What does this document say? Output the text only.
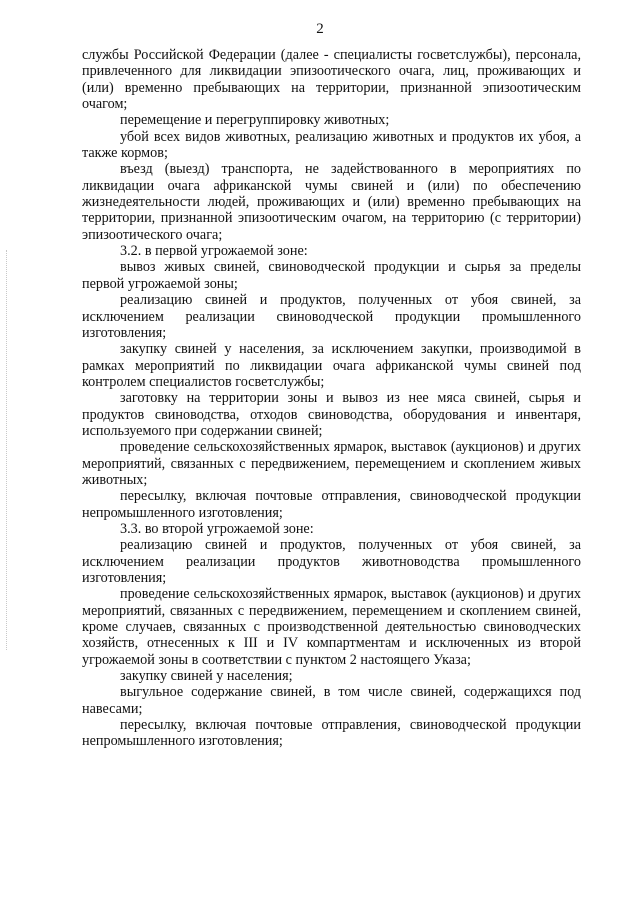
2

службы Российской Федерации (далее - специалисты госветслужбы), персонала, привлеченного для ликвидации эпизоотического очага, лиц, проживающих и (или) временно пребывающих на территории, признанной эпизоотическим очагом;

перемещение и перегруппировку животных;

убой всех видов животных, реализацию животных и продуктов их убоя, а также кормов;

въезд (выезд) транспорта, не задействованного в мероприятиях по ликвидации очага африканской чумы свиней и (или) по обеспечению жизнедеятельности людей, проживающих и (или) временно пребывающих на территории, признанной эпизоотическим очагом, на территорию (с территории) эпизоотического очага;

3.2. в первой угрожаемой зоне:

вывоз живых свиней, свиноводческой продукции и сырья за пределы первой угрожаемой зоны;

реализацию свиней и продуктов, полученных от убоя свиней, за исключением реализации свиноводческой продукции промышленного изготовления;

закупку свиней у населения, за исключением закупки, производимой в рамках мероприятий по ликвидации очага африканской чумы свиней под контролем специалистов госветслужбы;

заготовку на территории зоны и вывоз из нее мяса свиней, сырья и продуктов свиноводства, отходов свиноводства, оборудования и инвентаря, используемого при содержании свиней;

проведение сельскохозяйственных ярмарок, выставок (аукционов) и других мероприятий, связанных с передвижением, перемещением и скоплением живых животных;

пересылку, включая почтовые отправления, свиноводческой продукции непромышленного изготовления;

3.3. во второй угрожаемой зоне:

реализацию свиней и продуктов, полученных от убоя свиней, за исключением реализации продуктов животноводства промышленного изготовления;

проведение сельскохозяйственных ярмарок, выставок (аукционов) и других мероприятий, связанных с передвижением, перемещением и скоплением свиней, кроме случаев, связанных с производственной деятельностью свиноводческих хозяйств, отнесенных к III и IV компартментам и исключенных из второй угрожаемой зоны в соответствии с пунктом 2 настоящего Указа;

закупку свиней у населения;

выгульное содержание свиней, в том числе свиней, содержащихся под навесами;

пересылку, включая почтовые отправления, свиноводческой продукции непромышленного изготовления;
